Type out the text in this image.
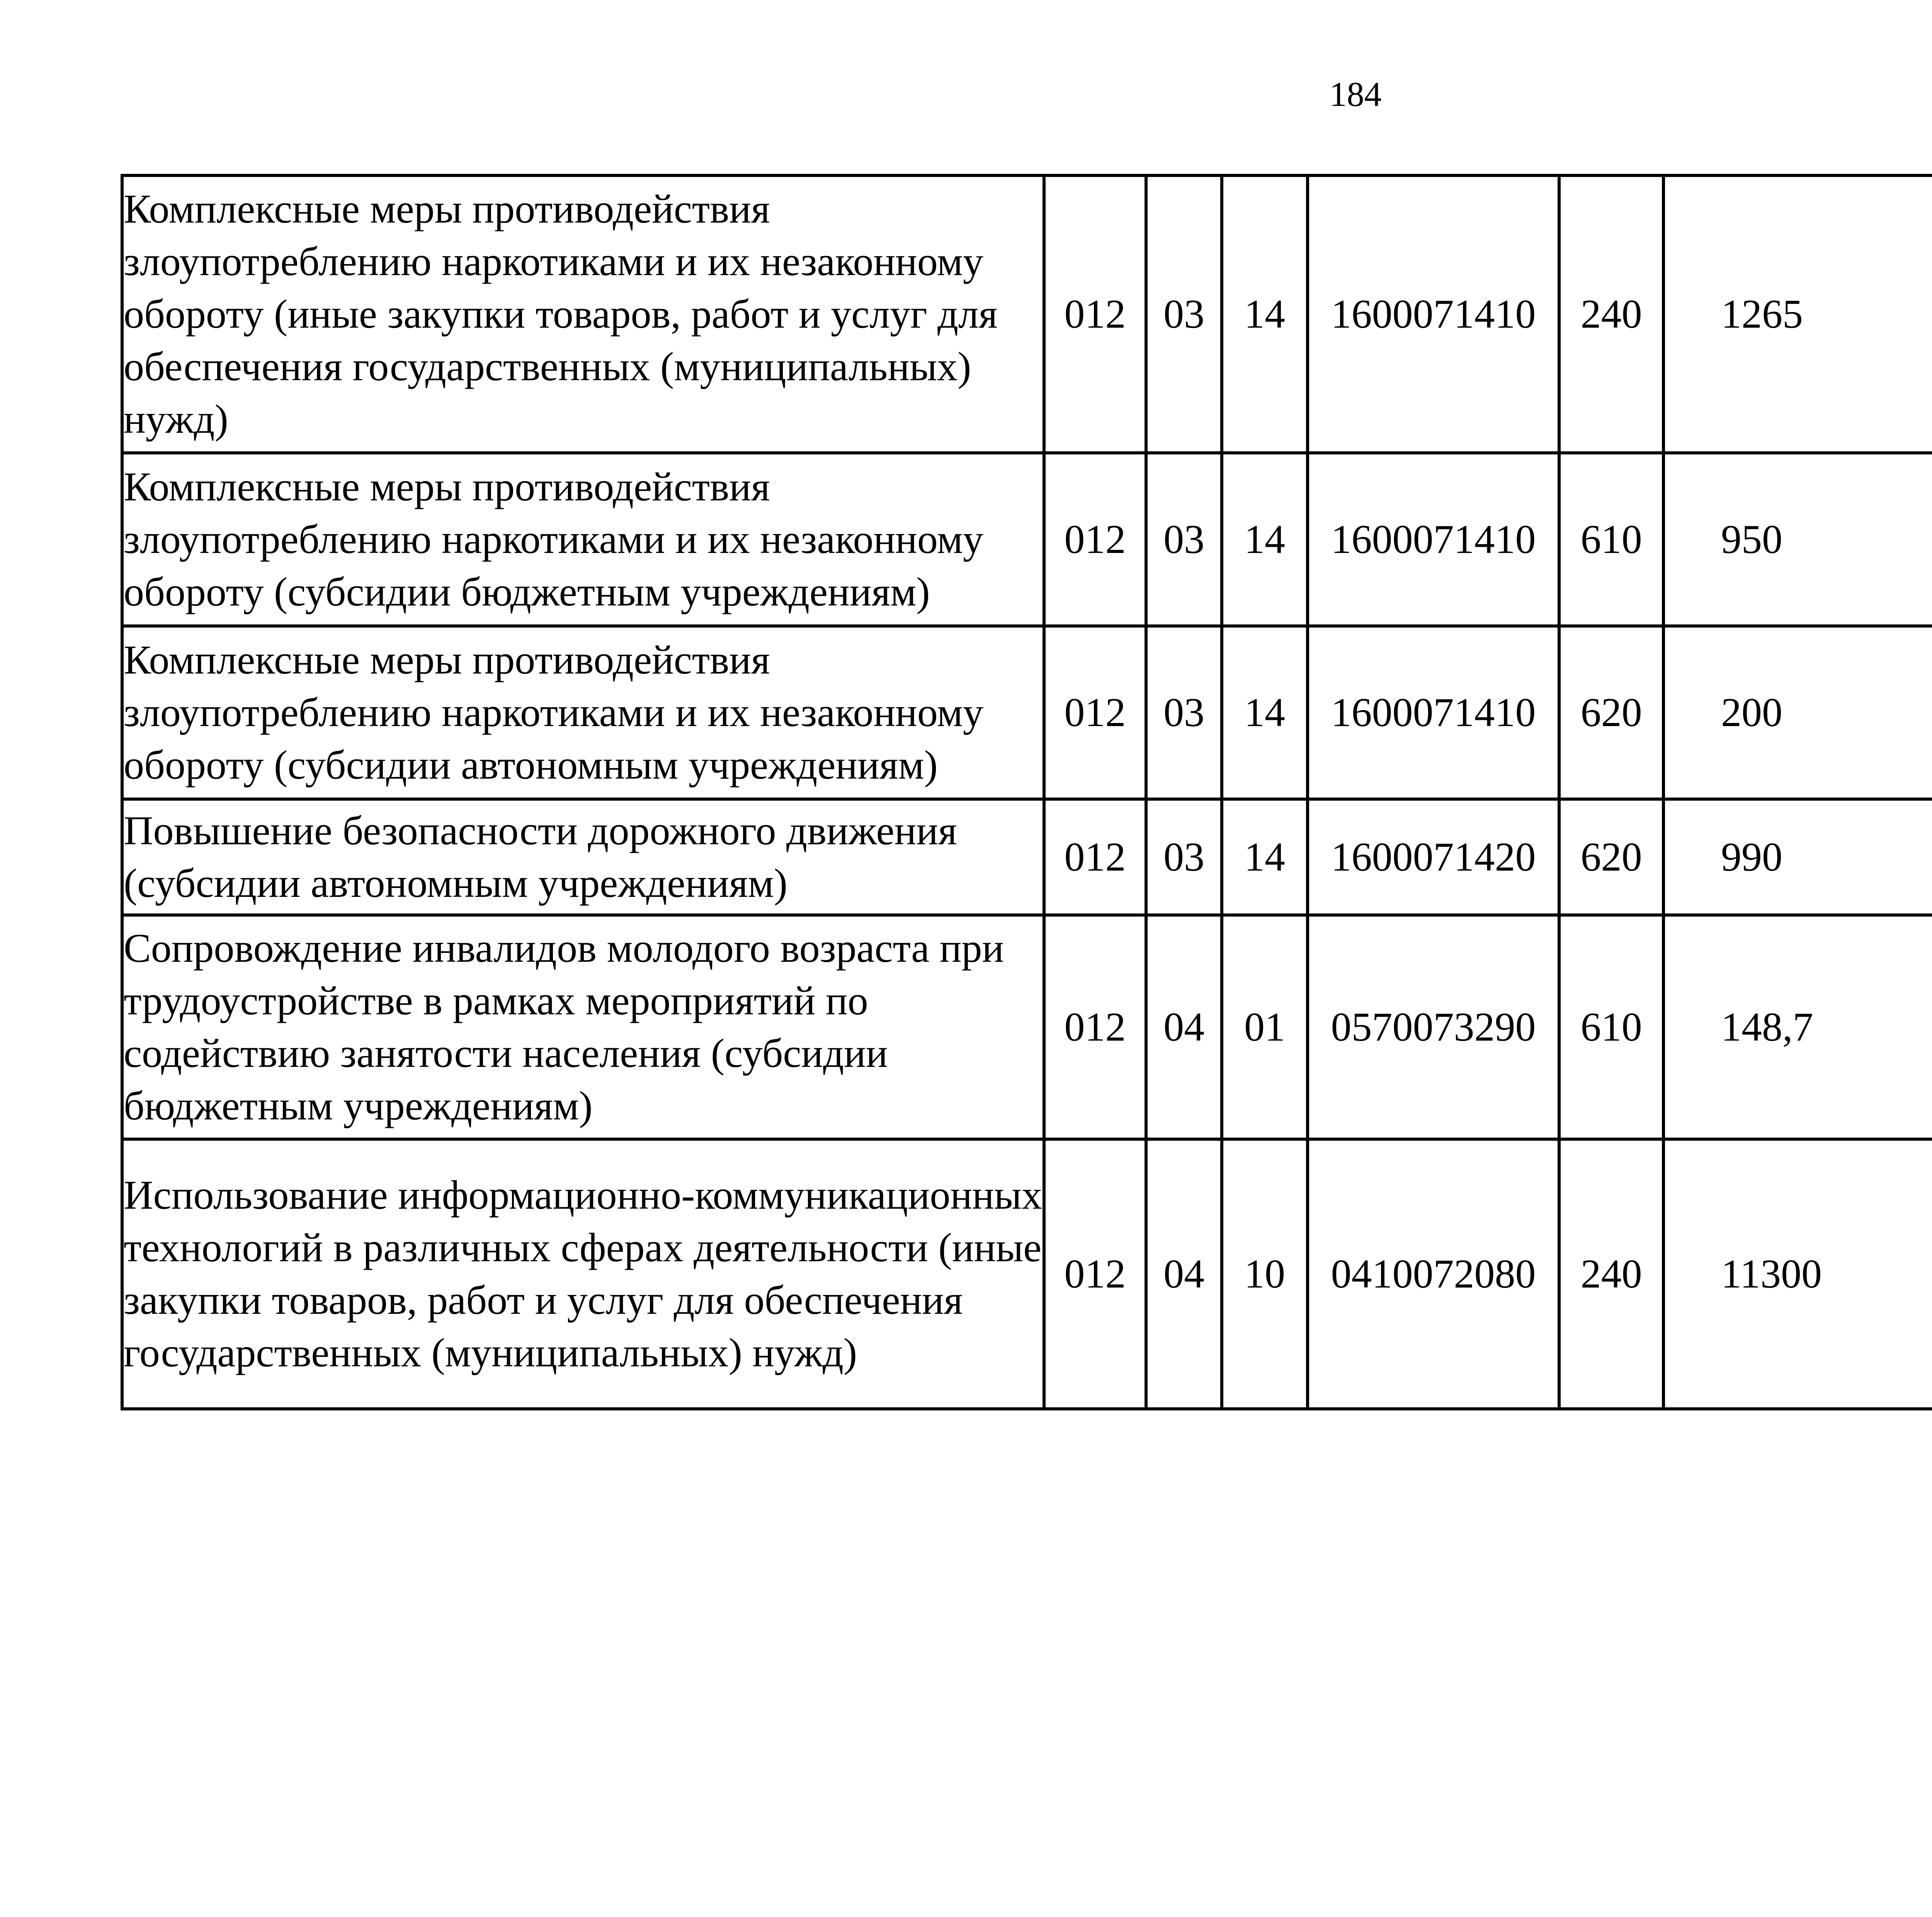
184
Комплексные меры противодействия злоупотреблению наркотиками и их незаконному обороту (иные закупки товаров, работ и услуг для обеспечения государственных (муниципальных) нужд)	012	03	14	1600071410	240	1265		
Комплексные меры противодействия злоупотреблению наркотиками и их незаконному обороту (субсидии бюджетным учреждениям)	012	03	14	1600071410	610	950		
Комплексные меры противодействия злоупотреблению наркотиками и их незаконному обороту (субсидии автономным учреждениям)	012	03	14	1600071410	620	200		
Повышение безопасности дорожного движения (субсидии автономным учреждениям)	012	03	14	1600071420	620	990		
Сопровождение инвалидов молодого возраста при трудоустройстве в рамках мероприятий по содействию занятости населения (субсидии бюджетным учреждениям)	012	04	01	0570073290	610	148,7		
Использование информационно-коммуникационных технологий в различных сферах деятельности (иные закупки товаров, работ и услуг для обеспечения государственных (муниципальных) нужд)	012	04	10	0410072080	240	11300		
